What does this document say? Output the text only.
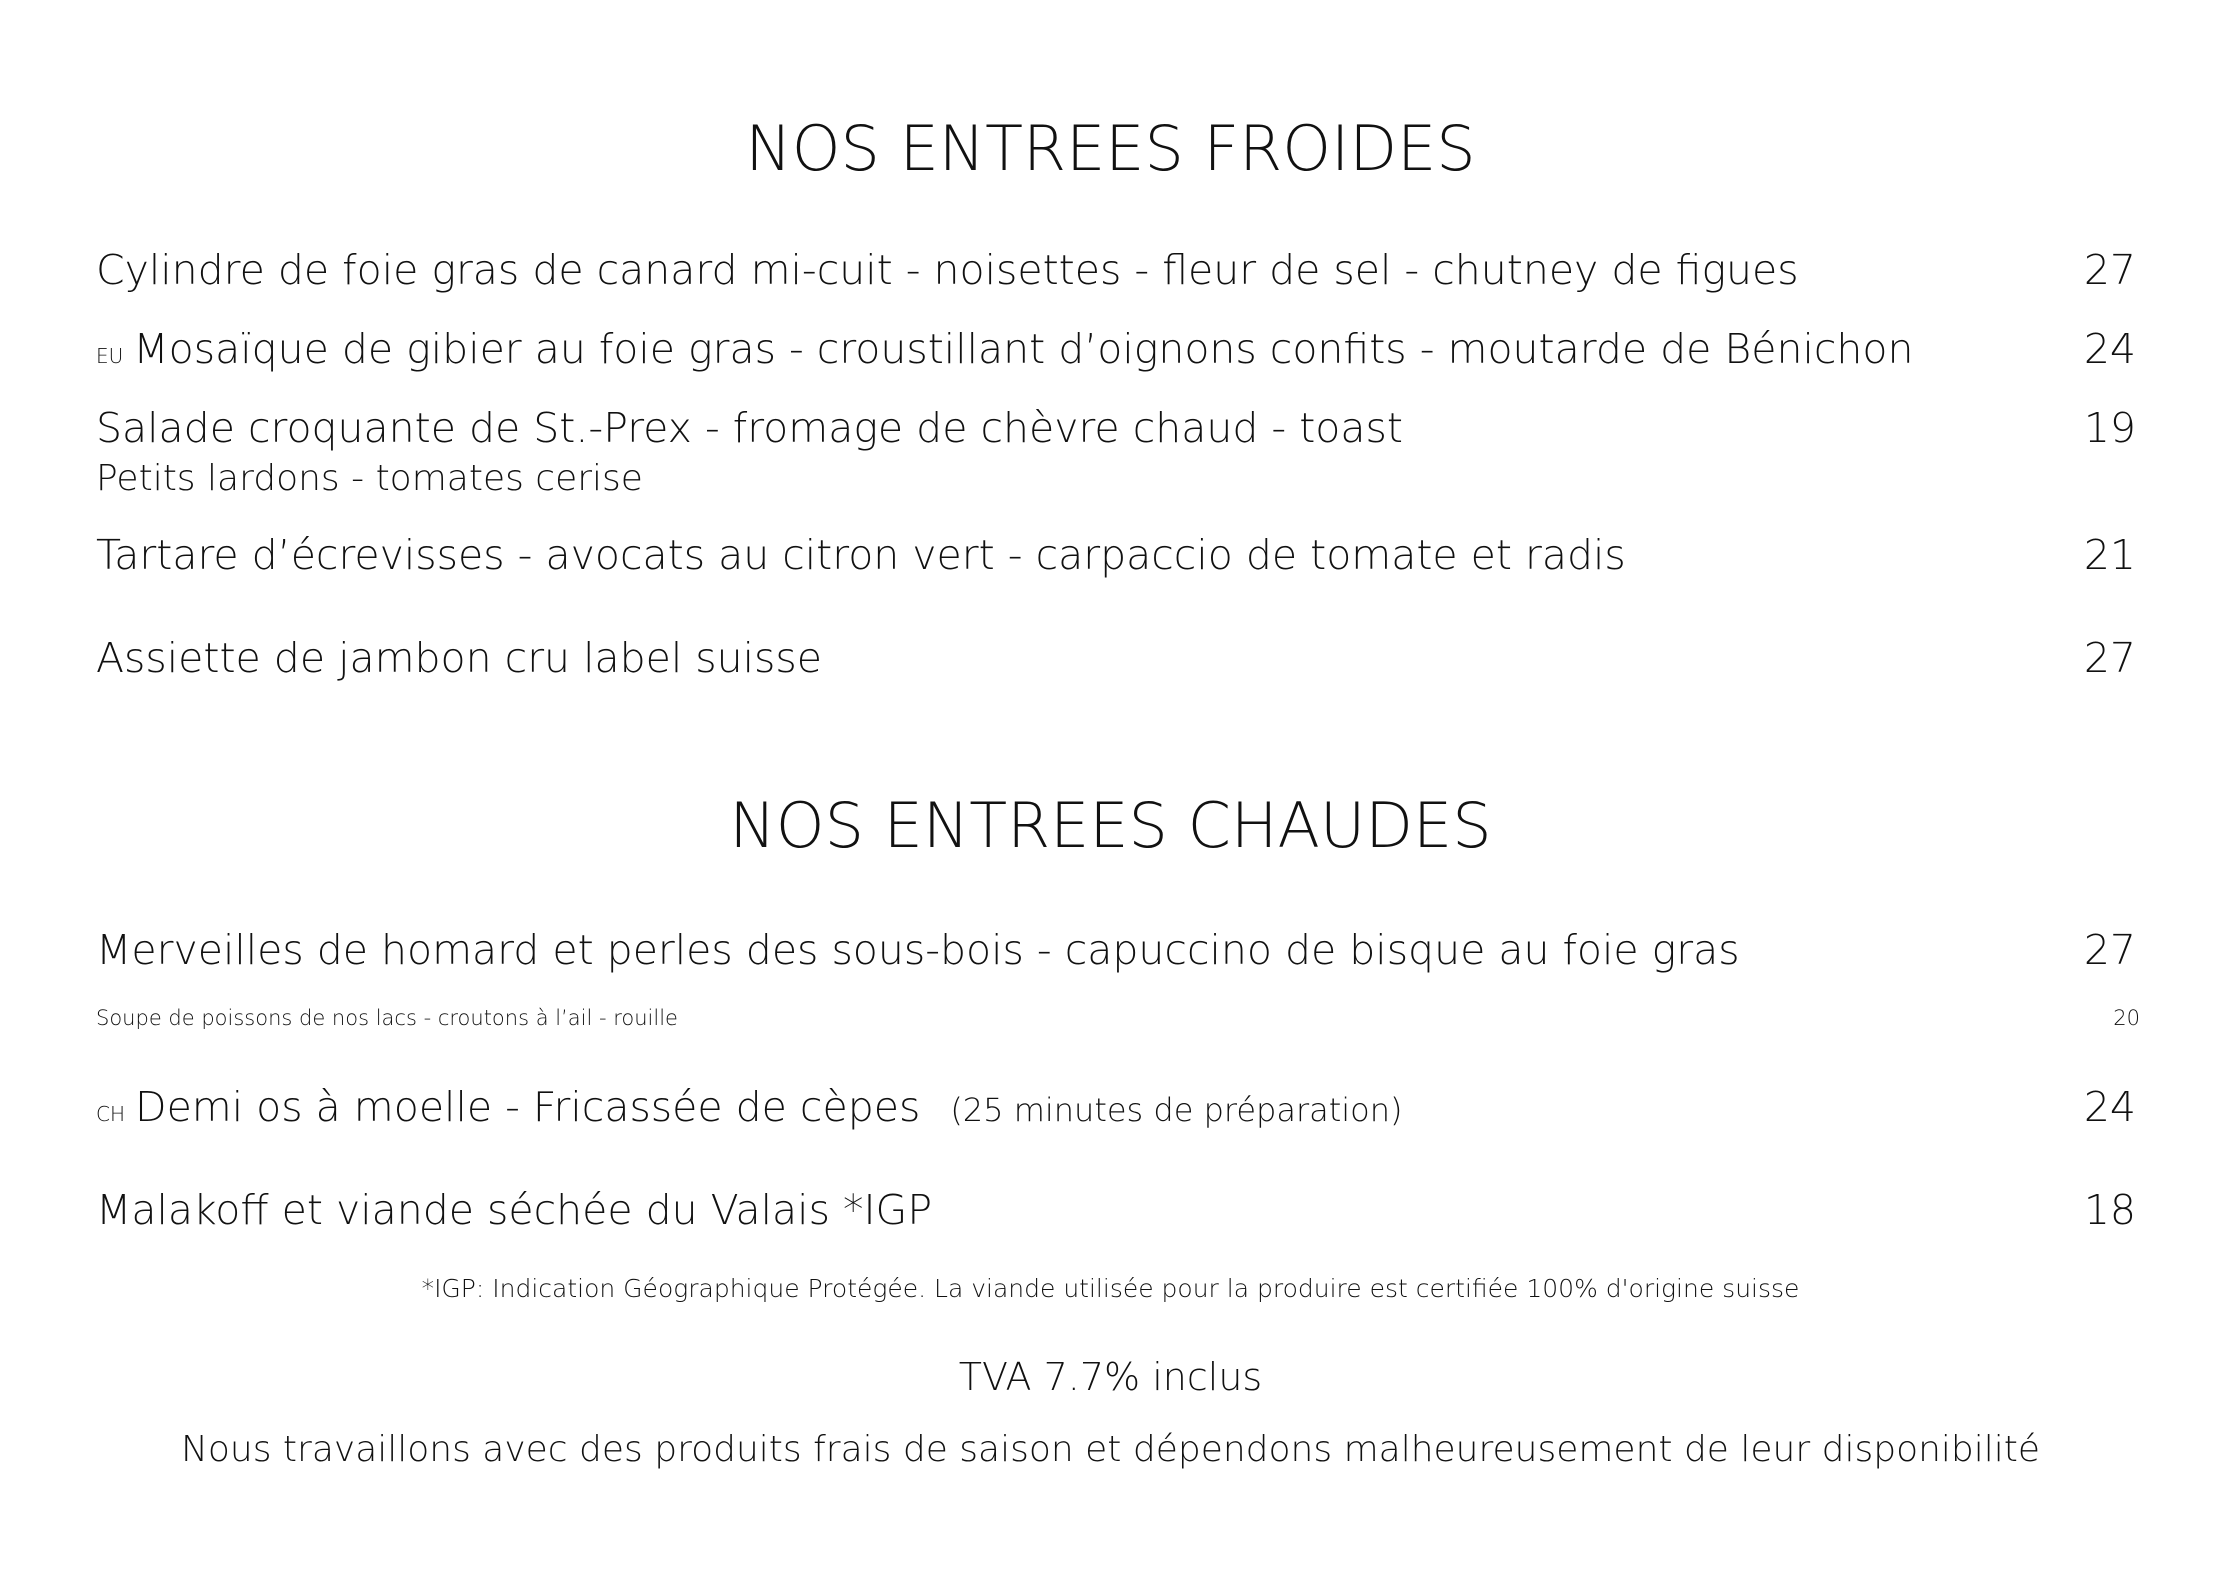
NOS ENTREES FROIDES
Cylindre de foie gras de canard mi-cuit - noisettes - fleur de sel - chutney de figues	27
EU Mosaïque de gibier au foie gras - croustillant d’oignons confits - moutarde de Bénichon	24
Salade croquante de St.-Prex - fromage de chèvre chaud - toast	19
Petits lardons - tomates cerise
Tartare d’écrevisses - avocats au citron vert - carpaccio de tomate et radis	21
Assiette de jambon cru label suisse	27
NOS ENTREES CHAUDES
Merveilles de homard et perles des sous-bois - capuccino de bisque au foie gras	27
Soupe de poissons de nos lacs - croutons à l’ail - rouille	20
CH Demi os à moelle - Fricassée de cèpes (25 minutes de préparation)	24
Malakoff et viande séchée du Valais *IGP	18
*IGP: Indication Géographique Protégée. La viande utilisée pour la produire est certifiée 100% d'origine suisse
TVA 7.7% inclus
Nous travaillons avec des produits frais de saison et dépendons malheureusement de leur disponibilité
